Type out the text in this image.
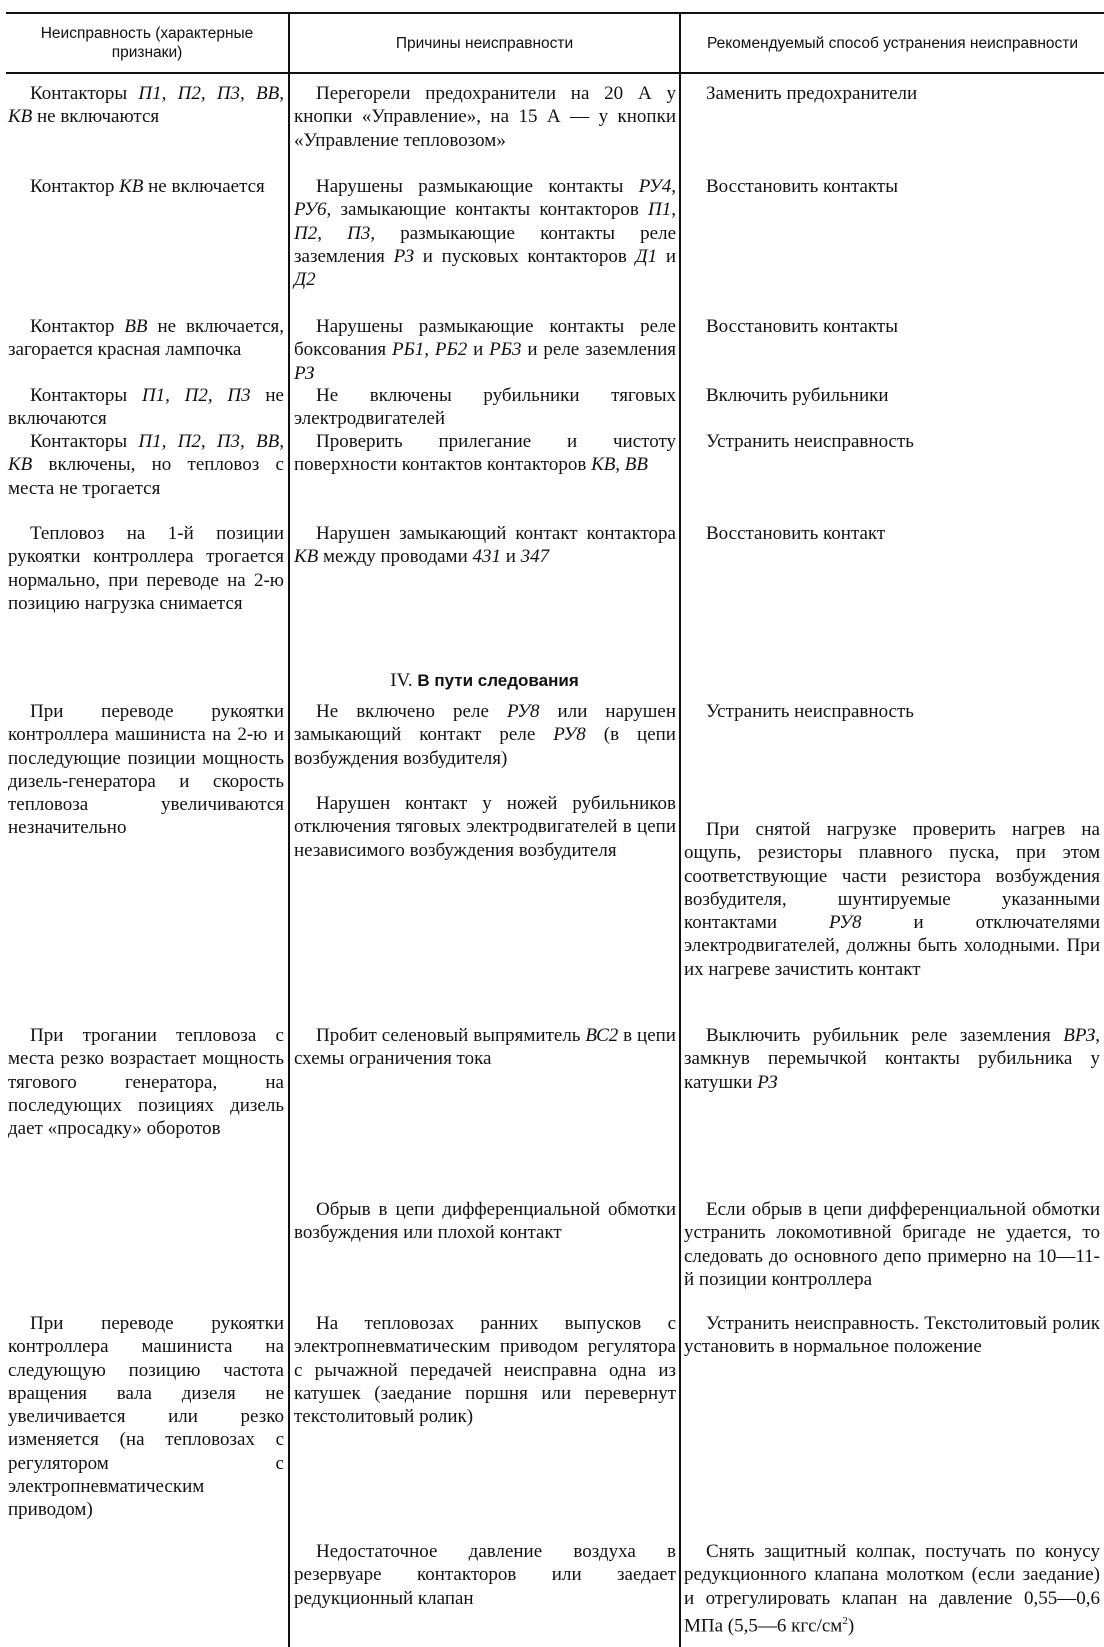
Неисправность (характерные признаки)
Причины неисправности	Рекомендуемый способ устранения неисправности
Контакторы П1, П2, П3, ВВ, КВ не включаются
Перегорели предохранители на 20 А у кнопки «Управление», на 15 А — у кнопки «Управление тепловозом»
Заменить предохранители
Контактор КВ не включается	Нарушены размыкающие контакты РУ4, РУ6, замыкающие контакты контакторов П1, П2, П3, размыкающие контакты реле заземления РЗ и пусковых контакторов Д1 и Д2
Восстановить контакты
Контактор ВВ не включается, загорается красная лампочка
Нарушены размыкающие контакты реле боксования РБ1, РБ2 и РБ3 и реле заземления РЗ
Восстановить контакты
Контакторы П1, П2, П3 не включаются
Не включены рубильники тяговых электродвигателей
Включить рубильники
Контакторы П1, П2, П3, ВВ, КВ включены, но тепловоз с места не трогается
Проверить прилегание и чистоту поверхности контактов контакторов КВ, ВВ
Устранить неисправность
Тепловоз на 1-й позиции рукоятки контроллера трогается нормально, при переводе на 2-ю позицию нагрузка снимается
Нарушен замыкающий контакт контактора КВ между проводами 431 и 347
Восстановить контакт
IV. В пути следования
При переводе рукоятки контроллера машиниста на 2-ю и последующие позиции мощность дизель-генератора и скорость тепловоза увеличиваются незначительно
Не включено реле РУ8 или нарушен замыкающий контакт реле РУ8 (в цепи возбуждения возбудителя)
Устранить неисправность
Нарушен контакт у ножей рубильников отключения тяговых электродвигателей в цепи независимого возбуждения возбудителя
При снятой нагрузке проверить нагрев на ощупь, резисторы плавного пуска, при этом соответствующие части резистора возбуждения возбудителя, шунтируемые указанными контактами РУ8 и отключателями электродвигателей, должны быть холодными. При их нагреве зачистить контакт
При трогании тепловоза с места резко возрастает мощность тягового генератора, на последующих позициях дизель дает «просадку» оборотов
Пробит селеновый выпрямитель ВС2 в цепи схемы ограничения тока
Выключить рубильник реле заземления ВРЗ, замкнув перемычкой контакты рубильника у катушки РЗ
Обрыв в цепи дифференциальной обмотки возбуждения или плохой контакт
Если обрыв в цепи дифференциальной обмотки устранить локомотивной бригаде не удается, то следовать до основного депо примерно на 10—11-й позиции контроллера
При переводе рукоятки контроллера машиниста на следующую позицию частота вращения вала дизеля не увеличивается или резко изменяется (на тепловозах с регулятором с электропневматическим приводом)
На тепловозах ранних выпусков с электропневматическим приводом регулятора с рычажной передачей неисправна одна из катушек (заедание поршня или перевернут текстолитовый ролик)
Устранить неисправность. Текстолитовый ролик установить в нормальное положение
Недостаточное давление воздуха в резервуаре контакторов или заедает редукционный клапан
Снять защитный колпак, постучать по конусу редукционного клапана молотком (если заедание) и отрегулировать клапан на давление 0,55—0,6 МПа (5,5—6 кгс/$см^2$)
